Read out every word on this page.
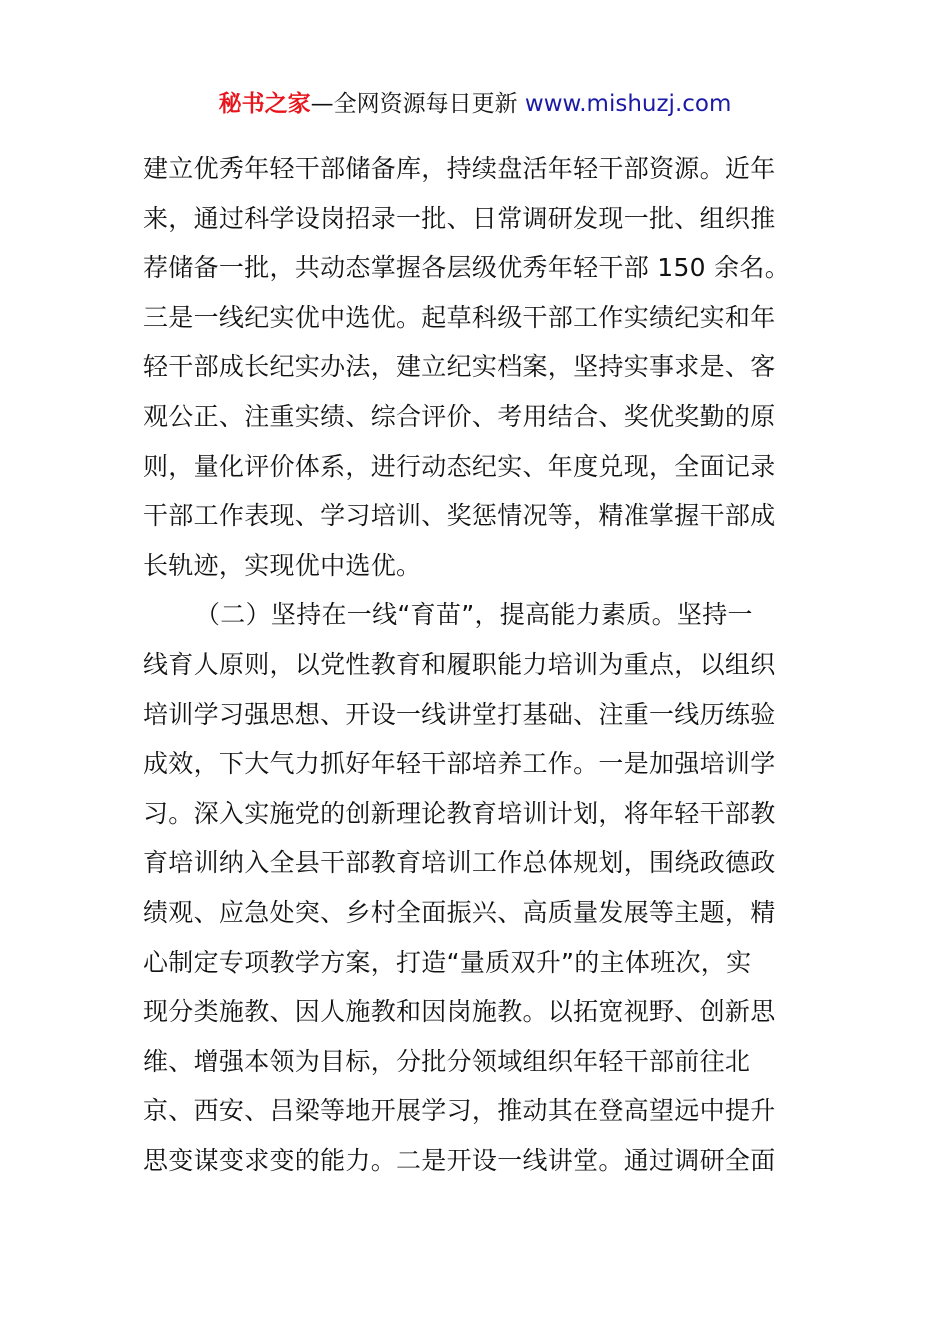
秘书之家—全网资源每日更新 www.mishuzj.com
建立优秀年轻干部储备库，持续盘活年轻干部资源。近年
来，通过科学设岗招录一批、日常调研发现一批、组织推
荐储备一批，共动态掌握各层级优秀年轻干部 150 余名。
三是一线纪实优中选优。起草科级干部工作实绩纪实和年
轻干部成长纪实办法，建立纪实档案，坚持实事求是、客
观公正、注重实绩、综合评价、考用结合、奖优奖勤的原
则，量化评价体系，进行动态纪实、年度兑现，全面记录
干部工作表现、学习培训、奖惩情况等，精准掌握干部成
长轨迹，实现优中选优。
（二）坚持在一线“育苗”，提高能力素质。坚持一
线育人原则，以党性教育和履职能力培训为重点，以组织
培训学习强思想、开设一线讲堂打基础、注重一线历练验
成效，下大气力抓好年轻干部培养工作。一是加强培训学
习。深入实施党的创新理论教育培训计划，将年轻干部教
育培训纳入全县干部教育培训工作总体规划，围绕政德政
绩观、应急处突、乡村全面振兴、高质量发展等主题，精
心制定专项教学方案，打造“量质双升”的主体班次，实
现分类施教、因人施教和因岗施教。以拓宽视野、创新思
维、增强本领为目标，分批分领域组织年轻干部前往北
京、西安、吕梁等地开展学习，推动其在登高望远中提升
思变谋变求变的能力。二是开设一线讲堂。通过调研全面
